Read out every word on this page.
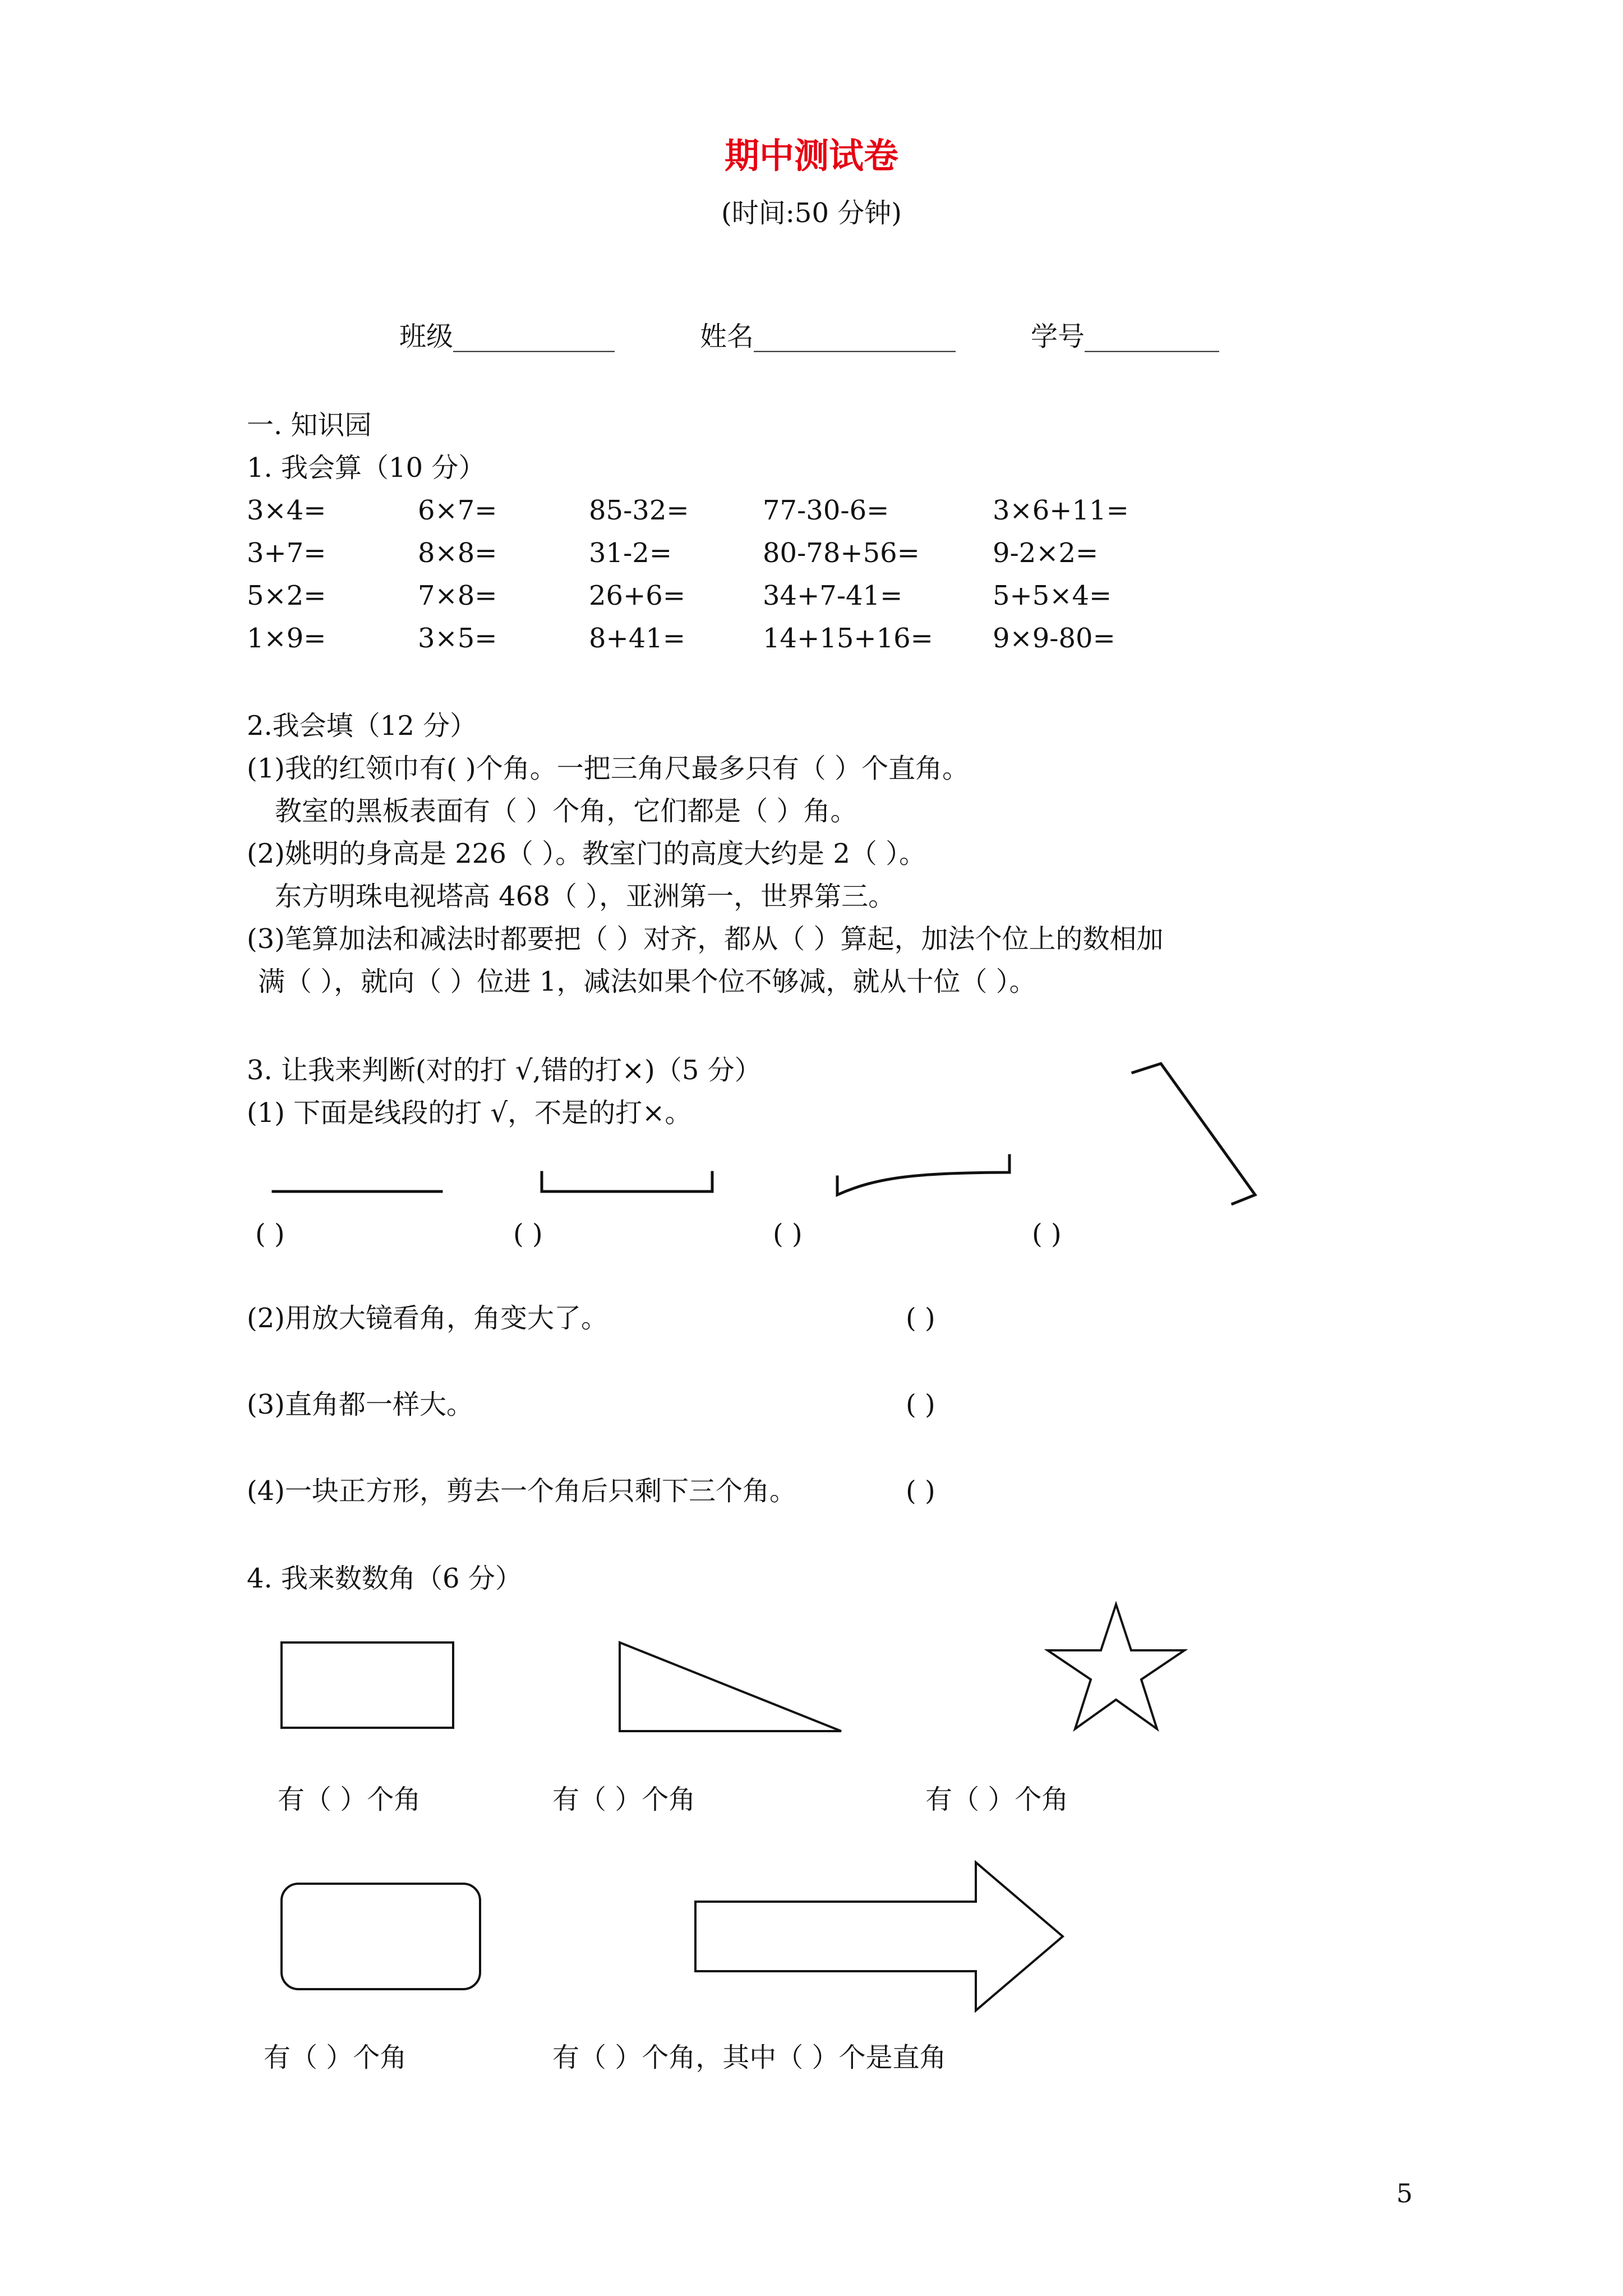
期中测试卷
(时间:50 分钟)
班级____________	姓名_______________	学号__________
一. 知识园
1. 我会算（10 分）
3×4=	6×7=	85-32=	77-30-6=	3×6+11=
3+7=	8×8=	31-2=	80-78+56=	9-2×2=
5×2=	7×8=	26+6=	34+7-41=	5+5×4=
1×9=	3×5=	8+41=	14+15+16= 9×9-80=
2.我会填（12 分）
(1)我的红领巾有( )个角。一把三角尺最多只有（ ）个直角。
教室的黑板表面有（ ）个角，它们都是（ ）角。
(2)姚明的身高是 226（ ）。教室门的高度大约是 2（ ）。
东方明珠电视塔高 468（ ），亚洲第一，世界第三。
(3)笔算加法和减法时都要把（ ）对齐，都从（ ）算起，加法个位上的数相加
满（ ），就向（ ）位进 1，减法如果个位不够减，就从十位（ ）。
3. 让我来判断(对的打 √,错的打×)（5 分）
(1) 下面是线段的打 √，不是的打×。
( )	( )	( )	( )
(2)用放大镜看角，角变大了。	( )
(3)直角都一样大。	( )
(4)一块正方形，剪去一个角后只剩下三个角。	( )
4. 我来数数角（6 分）
有（ ）个角	有（ ）个角	有（ ）个角
有（ ）个角	有（ ）个角，其中（ ）个是直角
5
